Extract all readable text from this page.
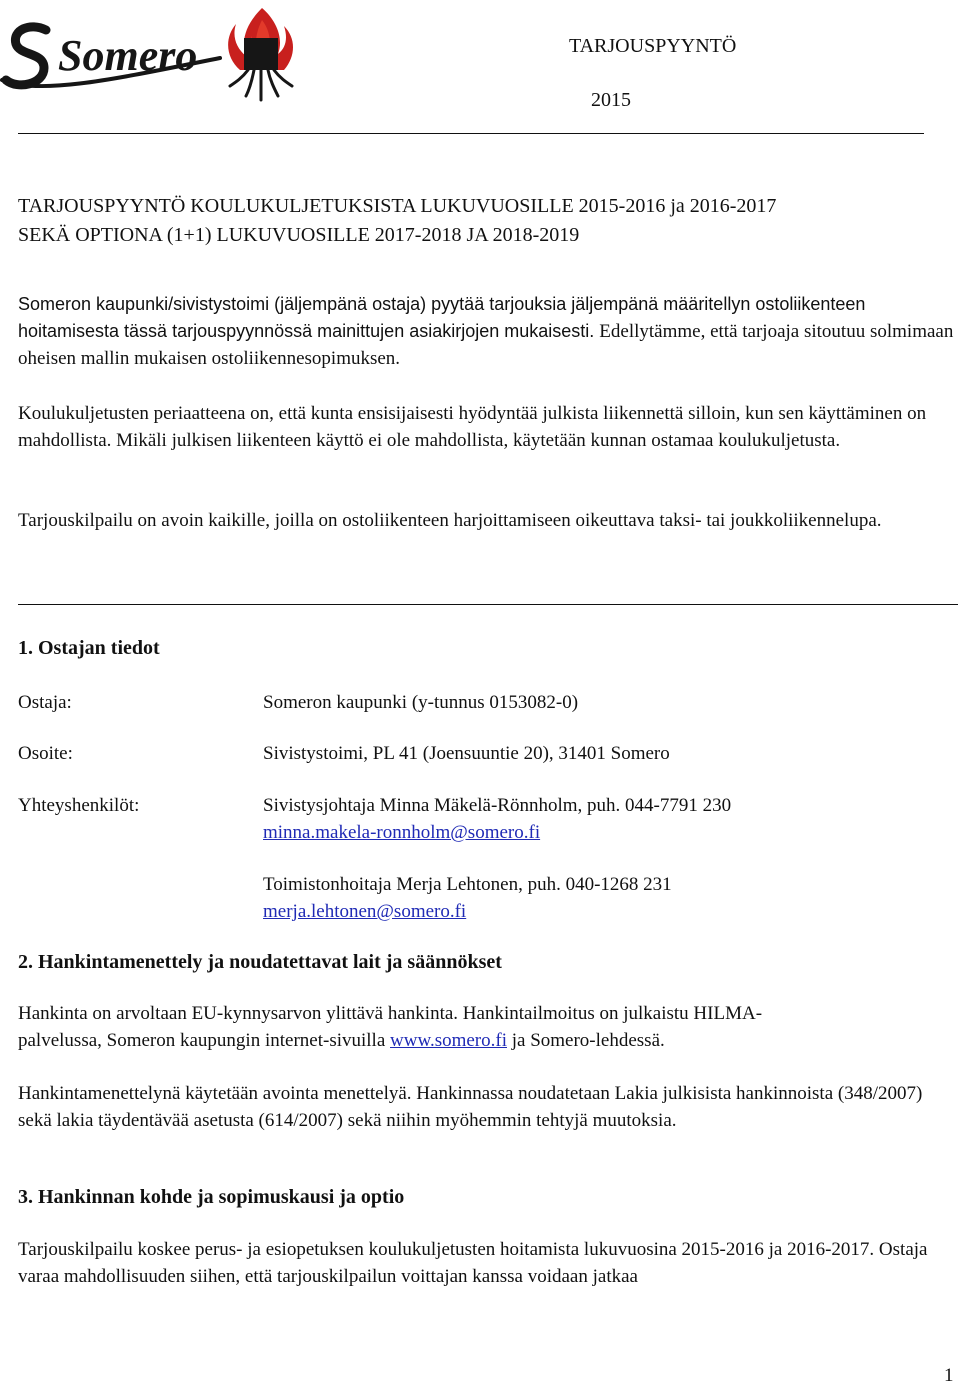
Somero	TARJOUSPYYNTÖ
2015
TARJOUSPYYNTÖ KOULUKULJETUKSISTA LUKUVUOSILLE 2015-2016 ja 2016-2017
SEKÄ OPTIONA (1+1) LUKUVUOSILLE 2017-2018 JA 2018-2019

Someron kaupunki/sivistystoimi (jäljempänä ostaja) pyytää tarjouksia jäljempänä määritellyn ostoliikenteen hoitamisesta tässä tarjouspyynnössä mainittujen asiakirjojen mukaisesti. Edellytämme, että tarjoaja sitoutuu solmimaan oheisen mallin mukaisen ostoliikennesopimuksen.

Koulukuljetusten periaatteena on, että kunta ensisijaisesti hyödyntää julkista liikennettä silloin, kun sen käyttäminen on mahdollista. Mikäli julkisen liikenteen käyttö ei ole mahdollista, käytetään kunnan ostamaa koulukuljetusta.

Tarjouskilpailu on avoin kaikille, joilla on ostoliikenteen harjoittamiseen oikeuttava taksi- tai joukkoliikennelupa.

1. Ostajan tiedot
Ostaja:	Someron kaupunki (y-tunnus 0153082-0)
Osoite:	Sivistystoimi, PL 41 (Joensuuntie 20), 31401 Somero
Yhteyshenkilöt:	Sivistysjohtaja Minna Mäkelä-Rönnholm, puh. 044-7791 230
minna.makela-ronnholm@somero.fi
Toimistonhoitaja Merja Lehtonen, puh. 040-1268 231
merja.lehtonen@somero.fi
2. Hankintamenettely ja noudatettavat lait ja säännökset
Hankinta on arvoltaan EU-kynnysarvon ylittävä hankinta. Hankintailmoitus on julkaistu HILMA-
palvelussa, Someron kaupungin internet-sivuilla www.somero.fi ja Somero-lehdessä.

Hankintamenettelynä käytetään avointa menettelyä. Hankinnassa noudatetaan Lakia julkisista hankinnoista (348/2007) sekä lakia täydentävää asetusta (614/2007) sekä niihin myöhemmin tehtyjä muutoksia.

3. Hankinnan kohde ja sopimuskausi ja optio

Tarjouskilpailu koskee perus- ja esiopetuksen koulukuljetusten hoitamista lukuvuosina 2015-2016 ja 2016-2017. Ostaja varaa mahdollisuuden siihen, että tarjouskilpailun voittajan kanssa voidaan jatkaa

1
